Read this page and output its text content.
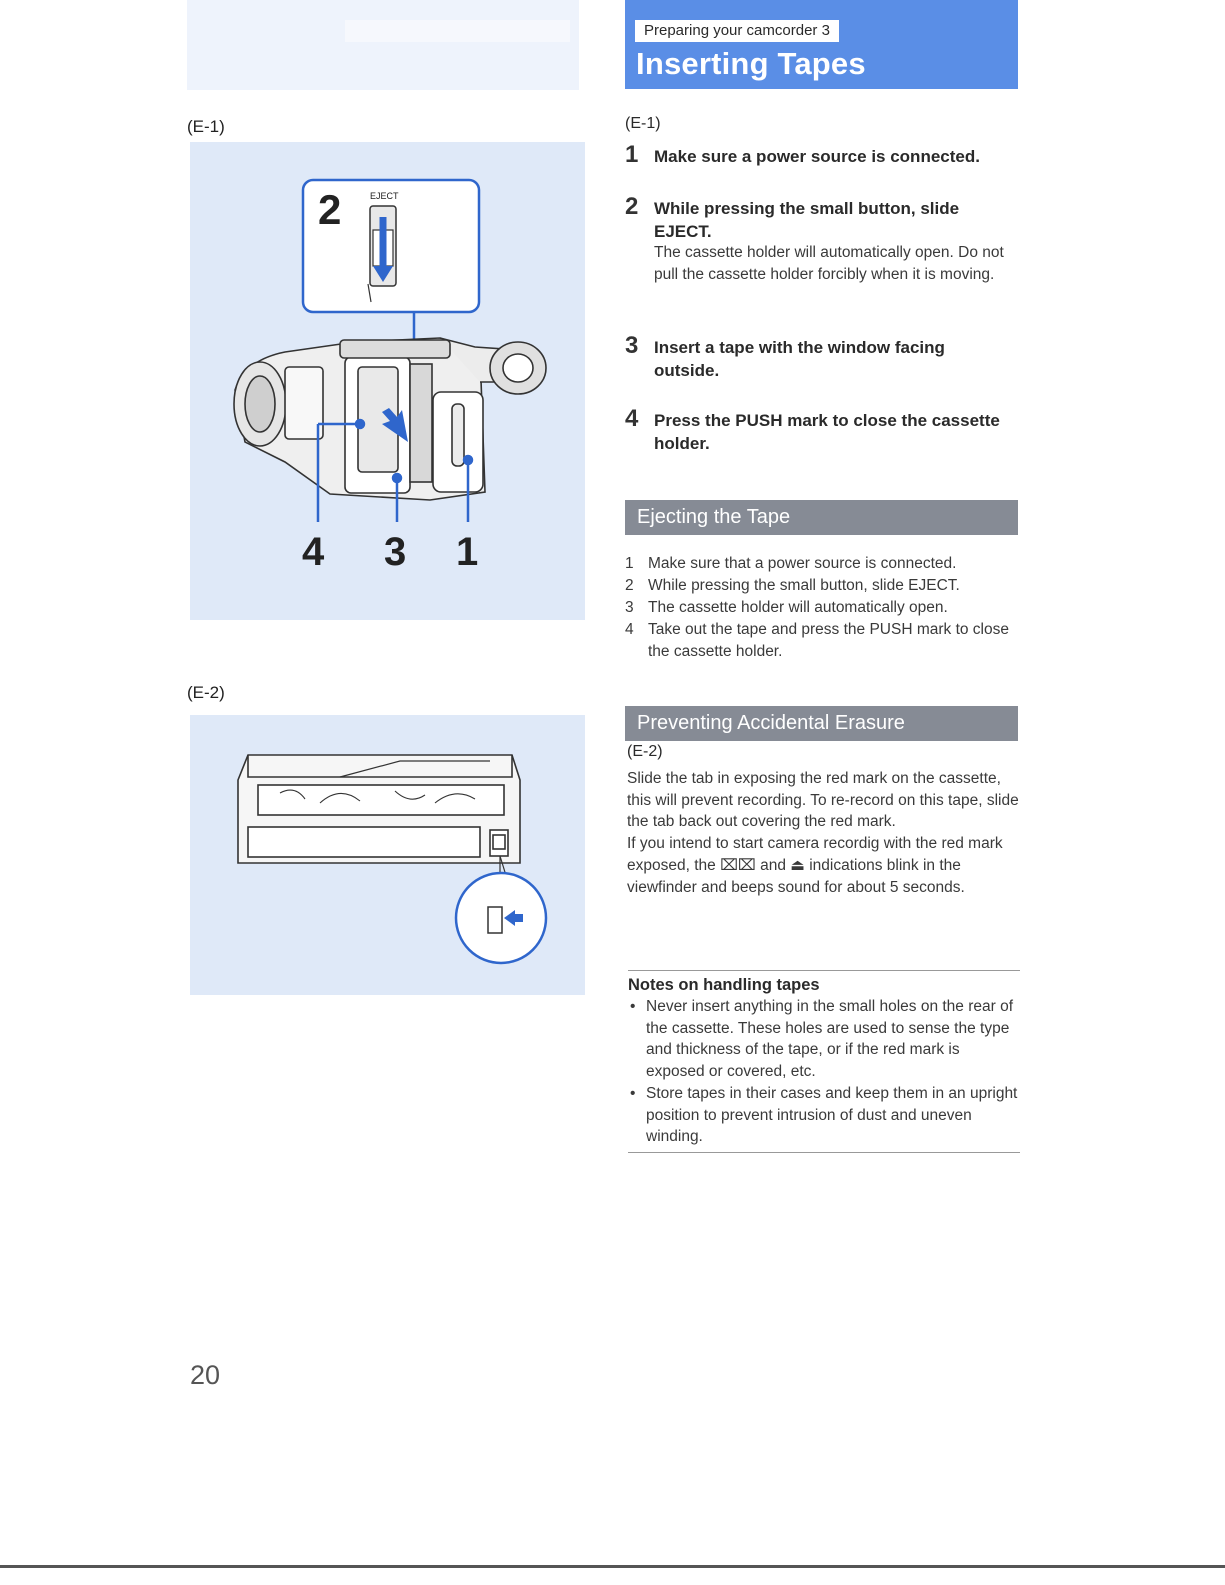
Preparing your camcorder 3
Inserting Tapes
(E-1)
2	EJECT
4 3 1
(E-2)
(E-1)
1 Make sure a power source is connected.
2 While pressing the small button, slide EJECT.
The cassette holder will automatically open. Do not pull the cassette holder forcibly when it is moving.
3 Insert a tape with the window facing outside.
4 Press the PUSH mark to close the cassette holder.
Ejecting the Tape
1 Make sure that a power source is connected.
2 While pressing the small button, slide EJECT.
3 The cassette holder will automatically open.
4 Take out the tape and press the PUSH mark to close the cassette holder.
Preventing Accidental Erasure
(E-2)
Slide the tab in exposing the red mark on the cassette, this will prevent recording. To re-record on this tape, slide the tab back out covering the red mark.
If you intend to start camera recordig with the red mark exposed, the ⌧⌧ and ⏏ indications blink in the viewfinder and beeps sound for about 5 seconds.
Notes on handling tapes
• Never insert anything in the small holes on the rear of the cassette. These holes are used to sense the type and thickness of the tape, or if the red mark is exposed or covered, etc.
• Store tapes in their cases and keep them in an upright position to prevent intrusion of dust and uneven winding.
20
